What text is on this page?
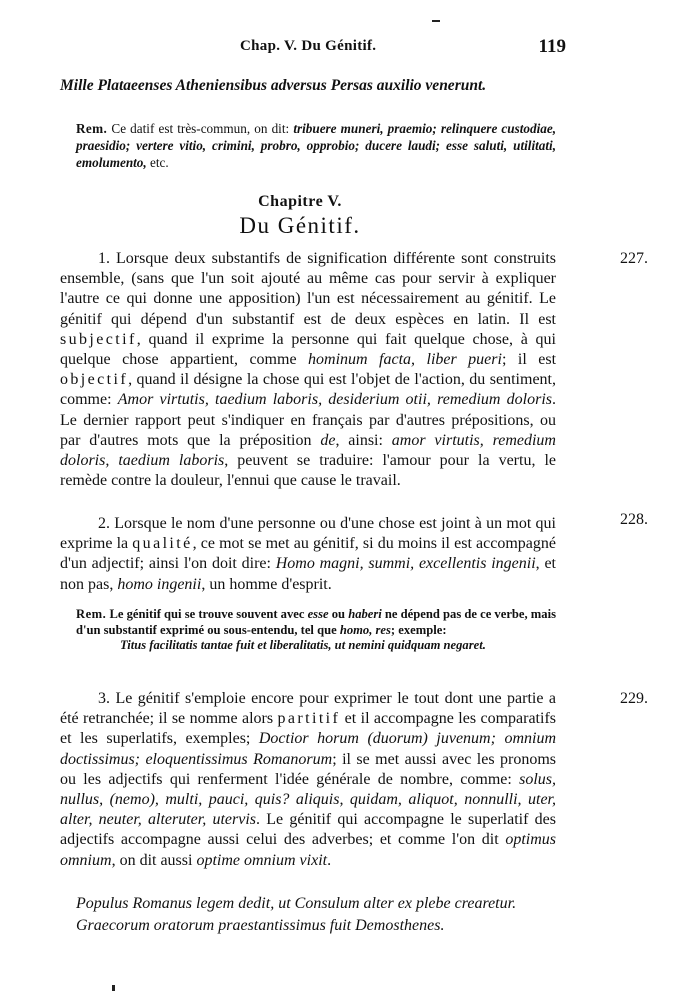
Chap. V. Du Génitif.	119
Mille Plataeenses Atheniensibus adversus Persas auxilio venerunt.
Rem. Ce datif est très-commun, on dit: tribuere muneri, praemio; relinquere custodiae, praesidio; vertere vitio, crimini, probro, opprobio; ducere laudi; esse saluti, utilitati, emolumento, etc.
Chapitre V.
Du Génitif.
227.

1. Lorsque deux substantifs de signification différente sont construits ensemble, (sans que l'un soit ajouté au même cas pour servir à expliquer l'autre ce qui donne une apposition) l'un est nécessairement au génitif. Le génitif qui dépend d'un substantif est de deux espèces en latin. Il est subjectif, quand il exprime la personne qui fait quelque chose, à qui quelque chose appartient, comme hominum facta, liber pueri; il est objectif, quand il désigne la chose qui est l'objet de l'action, du sentiment, comme: Amor virtutis, taedium laboris, desiderium otii, remedium doloris. Le dernier rapport peut s'indiquer en français par d'autres prépositions, ou par d'autres mots que la préposition de, ainsi: amor virtutis, remedium doloris, taedium laboris, peuvent se traduire: l'amour pour la vertu, le remède contre la douleur, l'ennui que cause le travail.

228.

2. Lorsque le nom d'une personne ou d'une chose est joint à un mot qui exprime la qualité, ce mot se met au génitif, si du moins il est accompagné d'un adjectif; ainsi l'on doit dire: Homo magni, summi, excellentis ingenii, et non pas, homo ingenii, un homme d'esprit.

Rem. Le génitif qui se trouve souvent avec esse ou haberi ne dépend pas de ce verbe, mais d'un substantif exprimé ou sous-entendu, tel que homo, res; exemple:
Titus facilitatis tantae fuit et liberalitatis, ut nemini quidquam negaret.
229.

3. Le génitif s'emploie encore pour exprimer le tout dont une partie a été retranchée; il se nomme alors partitif et il accompagne les comparatifs et les superlatifs, exemples; Doctior horum (duorum) juvenum; omnium doctissimus; eloquentissimus Romanorum; il se met aussi avec les pronoms ou les adjectifs qui renferment l'idée générale de nombre, comme: solus, nullus, (nemo), multi, pauci, quis? aliquis, quidam, aliquot, nonnulli, uter, alter, neuter, alteruter, utervis. Le génitif qui accompagne le superlatif des adjectifs accompagne aussi celui des adverbes; et comme l'on dit optimus omnium, on dit aussi optime omnium vixit.

Populus Romanus legem dedit, ut Consulum alter ex plebe crearetur.

Graecorum oratorum praestantissimus fuit Demosthenes.
